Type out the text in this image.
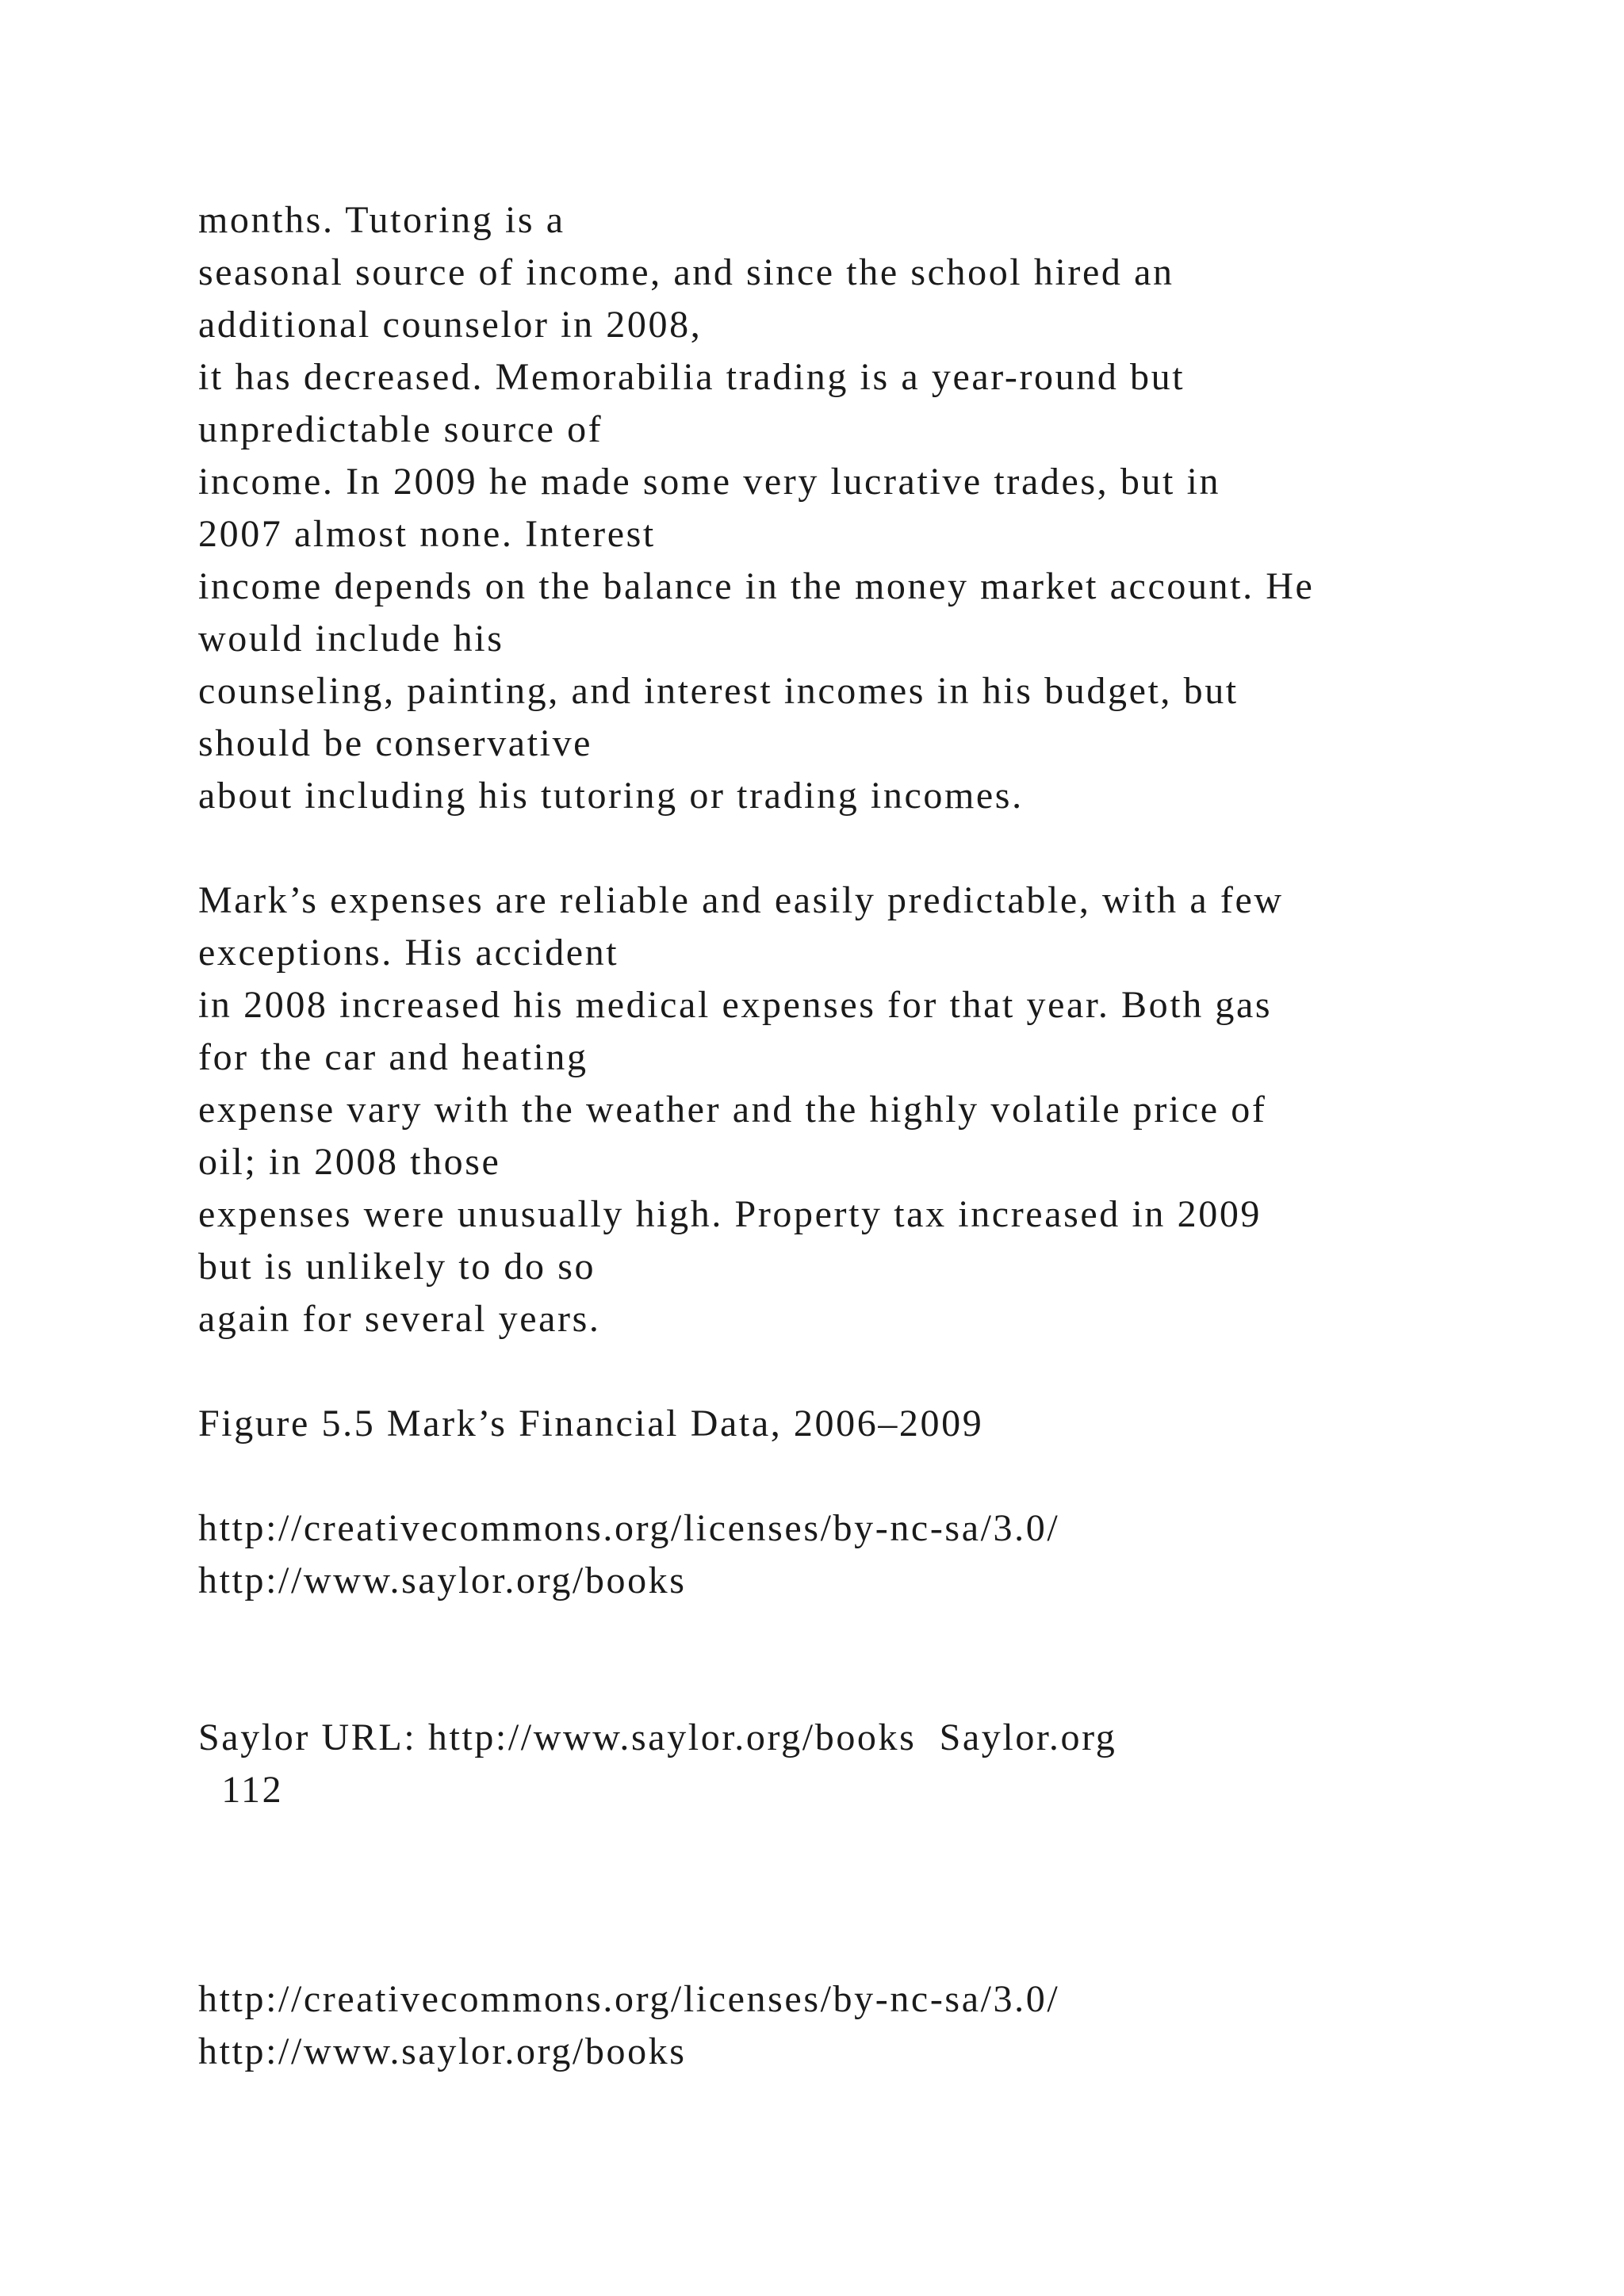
months. Tutoring is a

seasonal source of income, and since the school hired an

additional counselor in 2008,

it has decreased. Memorabilia trading is a year-round but

unpredictable source of

income. In 2009 he made some very lucrative trades, but in

2007 almost none. Interest

income depends on the balance in the money market account. He

would include his

counseling, painting, and interest incomes in his budget, but

should be conservative

about including his tutoring or trading incomes.

Mark’s expenses are reliable and easily predictable, with a few

exceptions. His accident

in 2008 increased his medical expenses for that year. Both gas

for the car and heating

expense vary with the weather and the highly volatile price of

oil; in 2008 those

expenses were unusually high. Property tax increased in 2009

but is unlikely to do so

again for several years.

Figure 5.5 Mark’s Financial Data, 2006–2009

http://creativecommons.org/licenses/by-nc-sa/3.0/

http://www.saylor.org/books

Saylor URL: http://www.saylor.org/books  Saylor.org

112

http://creativecommons.org/licenses/by-nc-sa/3.0/

http://www.saylor.org/books
